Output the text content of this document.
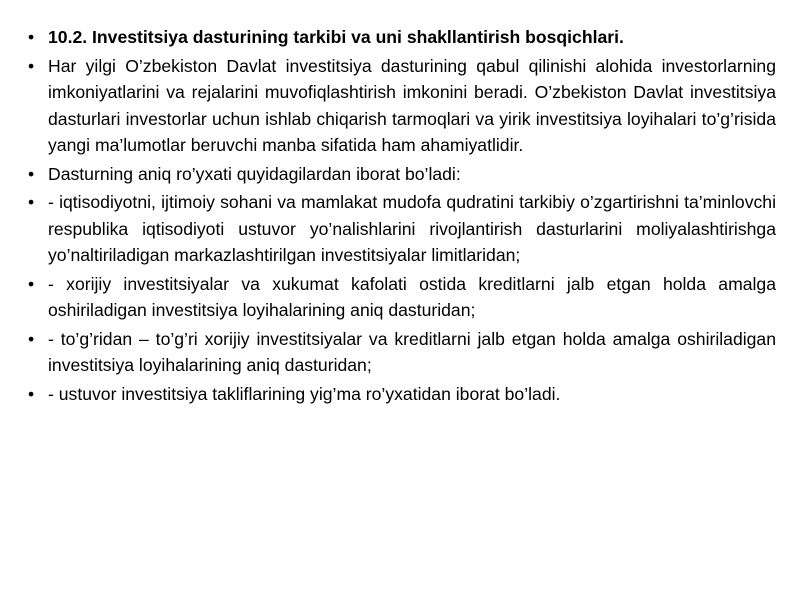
• 10.2. Investitsiya dasturining tarkibi va uni shakllantirish bosqichlari.
• Har yilgi O’zbekiston Davlat investitsiya dasturining qabul qilinishi alohida investorlarning imkoniyatlarini va rejalarini muvofiqlashtirish imkonini beradi. O’zbekiston Davlat investitsiya dasturlari investorlar uchun ishlab chiqarish tarmoqlari va yirik investitsiya loyihalari to’g’risida yangi ma’lumotlar beruvchi manba sifatida ham ahamiyatlidir.
• Dasturning aniq ro’yxati quyidagilardan iborat bo’ladi:
• - iqtisodiyotni, ijtimoiy sohani va mamlakat mudofa qudratini tarkibiy o’zgartirishni ta’minlovchi respublika iqtisodiyoti ustuvor yo’nalishlarini rivojlantirish dasturlarini moliyalashtirishga yo’naltiriladigan markazlashtirilgan investitsiyalar limitlaridan;
• - xorijiy investitsiyalar va xukumat kafolati ostida kreditlarni jalb etgan holda amalga oshiriladigan investitsiya loyihalarining aniq dasturidan;
• - to’g’ridan – to’g’ri xorijiy investitsiyalar va kreditlarni jalb etgan holda amalga oshiriladigan investitsiya loyihalarining aniq dasturidan;
• - ustuvor investitsiya takliflarining yig’ma ro’yxatidan iborat bo’ladi.
